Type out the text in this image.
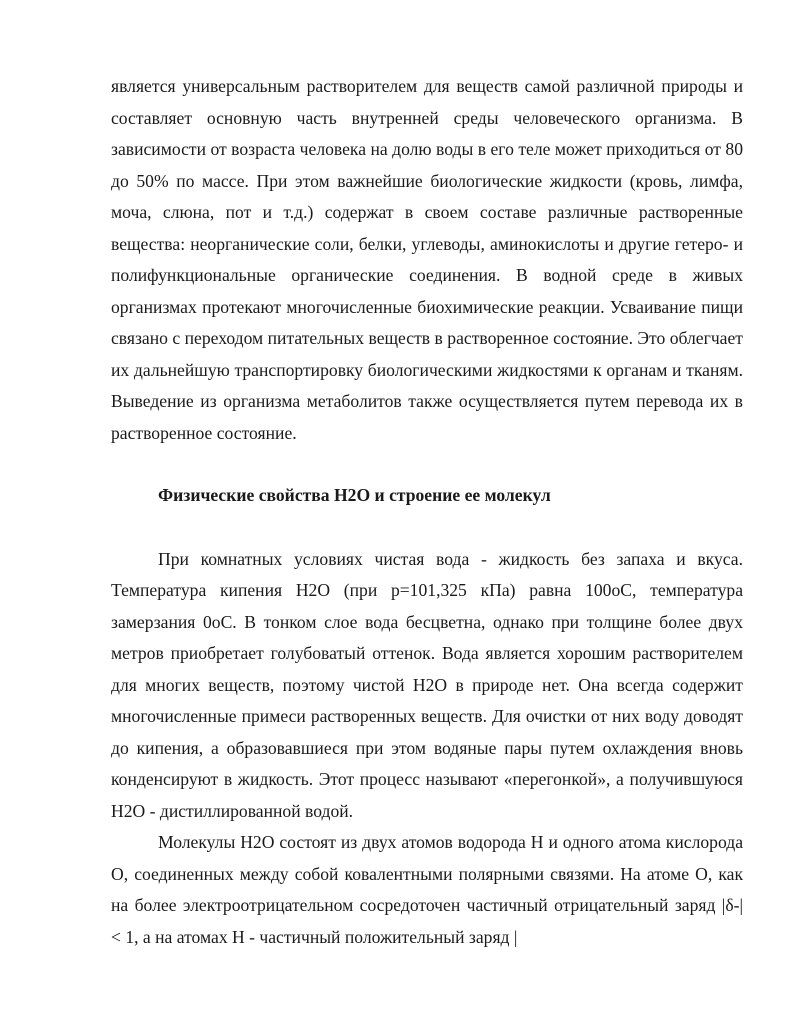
является универсальным растворителем для веществ самой различной природы и составляет основную часть внутренней среды человеческого организма. В зависимости от возраста человека на долю воды в его теле может приходиться от 80 до 50% по массе. При этом важнейшие биологические жидкости (кровь, лимфа, моча, слюна, пот и т.д.) содержат в своем составе различные растворенные вещества: неорганические соли, белки, углеводы, аминокислоты и другие гетеро- и полифункциональные органические соединения. В водной среде в живых организмах протекают многочисленные биохимические реакции. Усваивание пищи связано с переходом питательных веществ в растворенное состояние. Это облегчает их дальнейшую транспортировку биологическими жидкостями к органам и тканям. Выведение из организма метаболитов также осуществляется путем перевода их в растворенное состояние.

Физические свойства H2O и строение ее молекул

При комнатных условиях чистая вода - жидкость без запаха и вкуса. Температура кипения H2O (при p=101,325 кПа) равна 100oC, температура замерзания 0oC. В тонком слое вода бесцветна, однако при толщине более двух метров приобретает голубоватый оттенок. Вода является хорошим растворителем для многих веществ, поэтому чистой H2O в природе нет. Она всегда содержит многочисленные примеси растворенных веществ. Для очистки от них воду доводят до кипения, а образовавшиеся при этом водяные пары путем охлаждения вновь конденсируют в жидкость. Этот процесс называют «перегонкой», а получившуюся H2O - дистиллированной водой.

Молекулы H2O состоят из двух атомов водорода H и одного атома кислорода O, соединенных между собой ковалентными полярными связями. На атоме O, как на более электроотрицательном сосредоточен частичный отрицательный заряд |δ-| < 1, а на атомах H - частичный положительный заряд |
